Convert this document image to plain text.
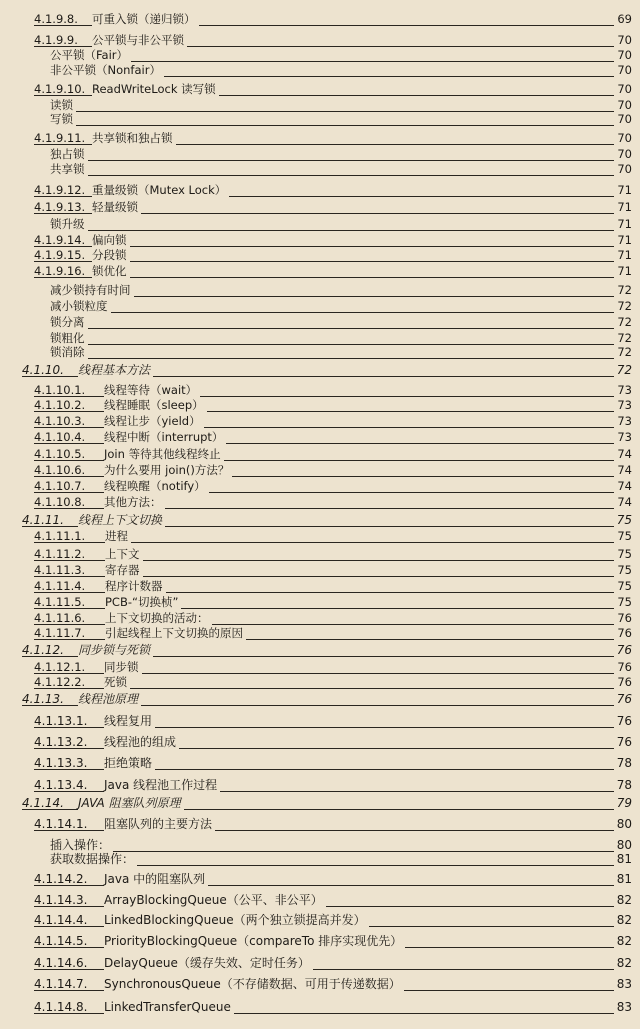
4.1.9.8. 可重入锁（递归锁）	69
4.1.9.9. 公平锁与非公平锁	70
公平锁（Fair）	70
非公平锁（Nonfair）	70
4.1.9.10. ReadWriteLock 读写锁	70
读锁	70
写锁	70
4.1.9.11. 共享锁和独占锁	70
独占锁	70
共享锁	70
4.1.9.12. 重量级锁（Mutex Lock）	71
4.1.9.13. 轻量级锁	71
锁升级	71
4.1.9.14. 偏向锁	71
4.1.9.15. 分段锁	71
4.1.9.16. 锁优化	71
减少锁持有时间	72
减小锁粒度	72
锁分离	72
锁粗化	72
锁消除	72
4.1.10. 线程基本方法	72
4.1.10.1. 线程等待（wait）	73
4.1.10.2. 线程睡眠（sleep）	73
4.1.10.3. 线程让步（yield）	73
4.1.10.4. 线程中断（interrupt）	73
4.1.10.5. Join 等待其他线程终止	74
4.1.10.6. 为什么要用 join()方法？	74
4.1.10.7. 线程唤醒（notify）	74
4.1.10.8. 其他方法：	74
4.1.11. 线程上下文切换	75
4.1.11.1. 进程	75
4.1.11.2. 上下文	75
4.1.11.3. 寄存器	75
4.1.11.4. 程序计数器	75
4.1.11.5. PCB-“切换桢”	75
4.1.11.6. 上下文切换的活动：	76
4.1.11.7. 引起线程上下文切换的原因	76
4.1.12. 同步锁与死锁	76
4.1.12.1. 同步锁	76
4.1.12.2. 死锁	76
4.1.13. 线程池原理	76
4.1.13.1. 线程复用	76
4.1.13.2. 线程池的组成	76
4.1.13.3. 拒绝策略	78
4.1.13.4. Java 线程池工作过程	78
4.1.14. JAVA 阻塞队列原理	79
4.1.14.1. 阻塞队列的主要方法	80
插入操作：	80
获取数据操作：	81
4.1.14.2. Java 中的阻塞队列	81
4.1.14.3. ArrayBlockingQueue（公平、非公平）	82
4.1.14.4. LinkedBlockingQueue（两个独立锁提高并发）	82
4.1.14.5. PriorityBlockingQueue（compareTo 排序实现优先）	82
4.1.14.6. DelayQueue（缓存失效、定时任务）	82
4.1.14.7. SynchronousQueue（不存储数据、可用于传递数据）	83
4.1.14.8. LinkedTransferQueue	83
